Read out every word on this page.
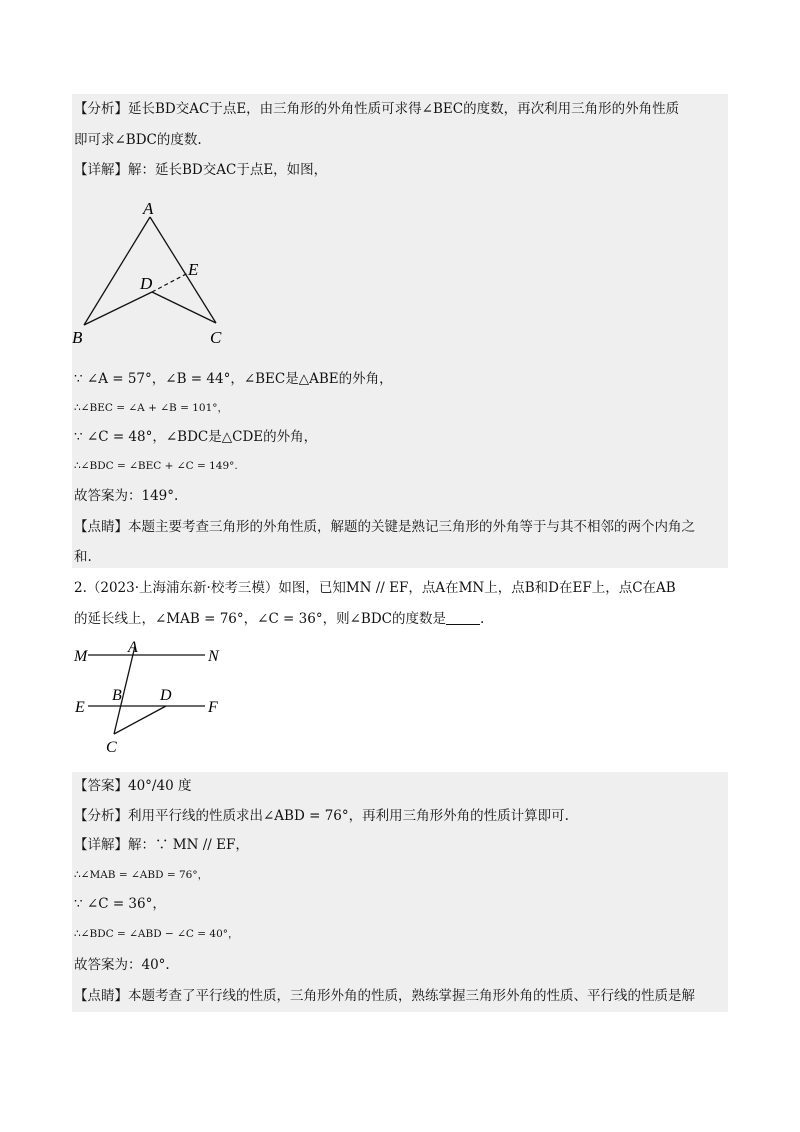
【分析】延长BD交AC于点E，由三角形的外角性质可求得∠BEC的度数，再次利用三角形的外角性质
即可求∠BDC的度数.
【详解】解：延长BD交AC于点E，如图，
A
B	C
D
E
∵ ∠A = 57°，∠B = 44°，∠BEC是△ABE的外角，
∴∠BEC = ∠A + ∠B = 101°，
∵ ∠C = 48°，∠BDC是△CDE的外角，
∴∠BDC = ∠BEC + ∠C = 149°.
故答案为：149°.
【点睛】本题主要考查三角形的外角性质，解题的关键是熟记三角形的外角等于与其不相邻的两个内角之
和.
2.（2023·上海浦东新·校考三模）如图，已知MN // EF，点A在MN上，点B和D在EF上，点C在AB
的延长线上，∠MAB = 76°，∠C = 36°，则∠BDC的度数是	.
M	N
A
E	F
B D
C
【答案】40°/40 度
【分析】利用平行线的性质求出∠ABD = 76°，再利用三角形外角的性质计算即可.
【详解】解：∵ MN // EF，
∴∠MAB = ∠ABD = 76°，
∵ ∠C = 36°，
∴∠BDC = ∠ABD − ∠C = 40°，
故答案为：40°.
【点睛】本题考查了平行线的性质，三角形外角的性质，熟练掌握三角形外角的性质、平行线的性质是解
